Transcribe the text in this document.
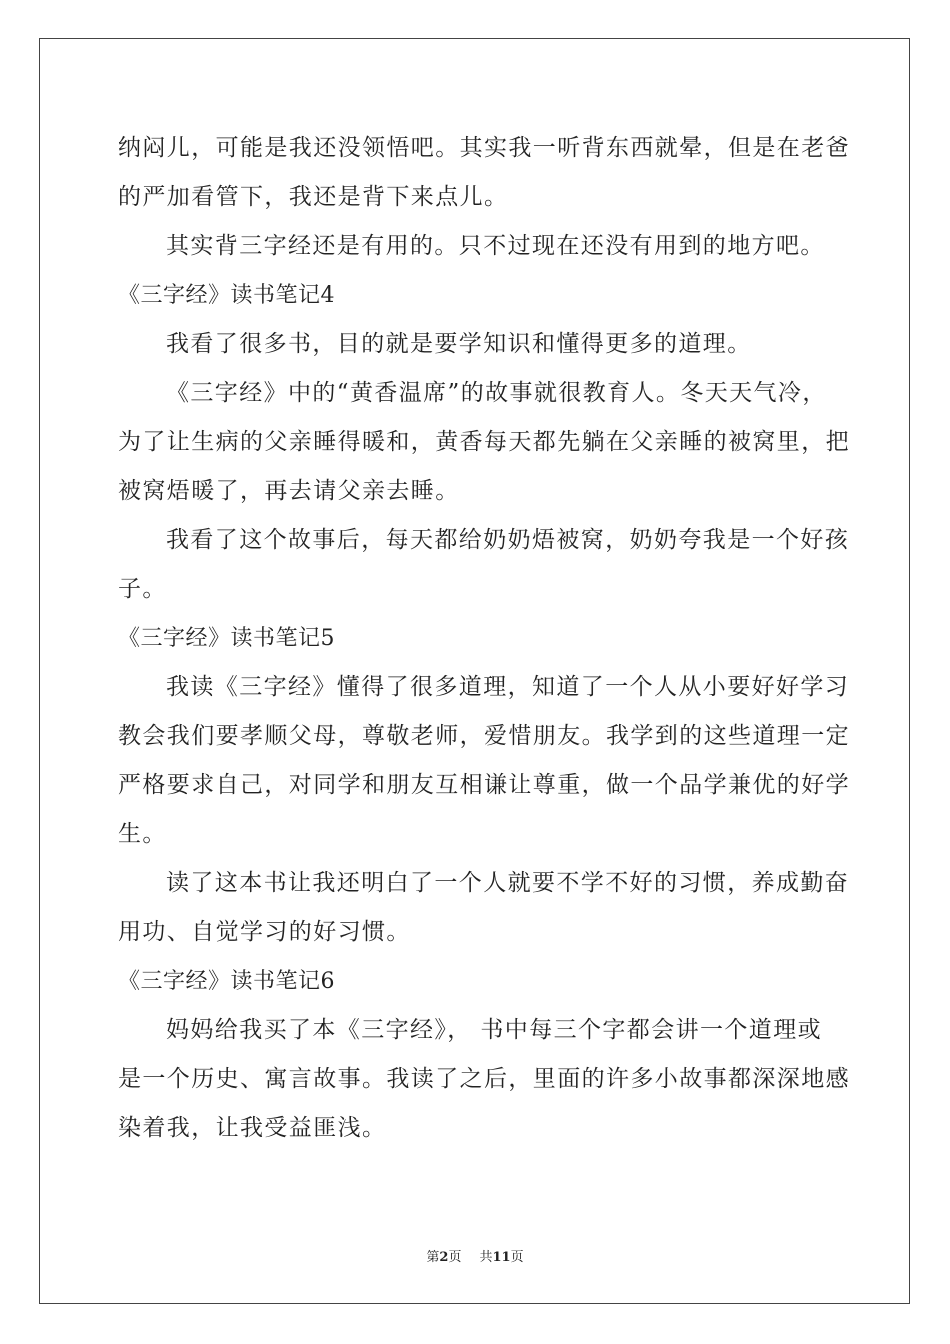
纳闷儿，可能是我还没领悟吧。其实我一听背东西就晕，但是在老爸
的严加看管下，我还是背下来点儿。
其实背三字经还是有用的。只不过现在还没有用到的地方吧。
《三字经》读书笔记4
我看了很多书，目的就是要学知识和懂得更多的道理。
《三字经》中的“黄香温席”的故事就很教育人。冬天天气冷，
为了让生病的父亲睡得暖和，黄香每天都先躺在父亲睡的被窝里，把
被窝焐暖了，再去请父亲去睡。
我看了这个故事后，每天都给奶奶焐被窝，奶奶夸我是一个好孩
子。
《三字经》读书笔记5
我读《三字经》懂得了很多道理，知道了一个人从小要好好学习
教会我们要孝顺父母，尊敬老师，爱惜朋友。我学到的这些道理一定
严格要求自己，对同学和朋友互相谦让尊重，做一个品学兼优的好学
生。
读了这本书让我还明白了一个人就要不学不好的习惯，养成勤奋
用功、自觉学习的好习惯。
《三字经》读书笔记6
妈妈给我买了本《三字经》， 书中每三个字都会讲一个道理或
是一个历史、寓言故事。我读了之后，里面的许多小故事都深深地感
染着我，让我受益匪浅。
第2页 共11页
